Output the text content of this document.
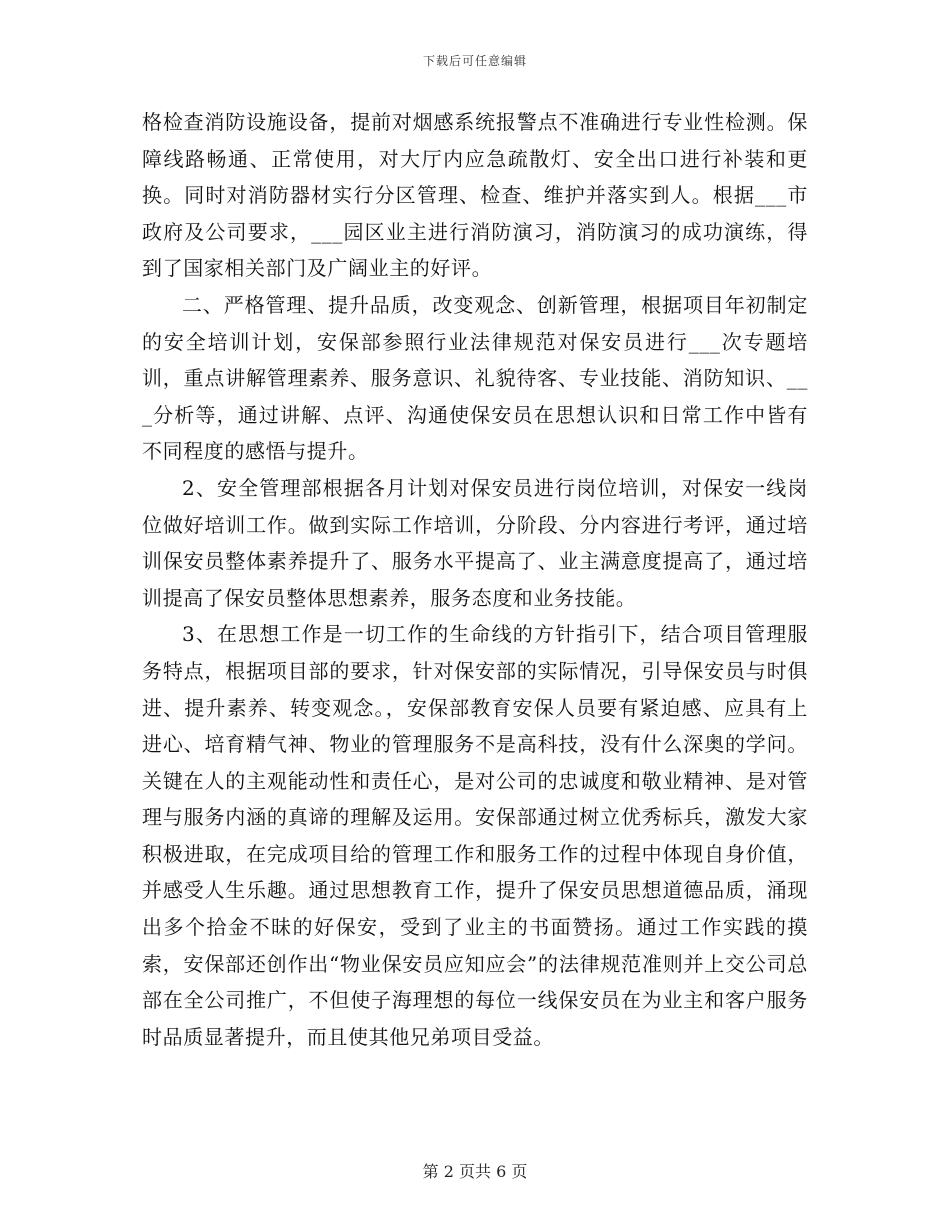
下载后可任意编辑

格检查消防设施设备，提前对烟感系统报警点不准确进行专业性检测。保障线路畅通、正常使用，对大厅内应急疏散灯、安全出口进行补装和更换。同时对消防器材实行分区管理、检查、维护并落实到人。根据___市政府及公司要求，___园区业主进行消防演习，消防演习的成功演练，得到了国家相关部门及广阔业主的好评。

二、严格管理、提升品质，改变观念、创新管理，根据项目年初制定的安全培训计划，安保部参照行业法律规范对保安员进行___次专题培训，重点讲解管理素养、服务意识、礼貌待客、专业技能、消防知识、___分析等，通过讲解、点评、沟通使保安员在思想认识和日常工作中皆有不同程度的感悟与提升。

2、安全管理部根据各月计划对保安员进行岗位培训，对保安一线岗位做好培训工作。做到实际工作培训，分阶段、分内容进行考评，通过培训保安员整体素养提升了、服务水平提高了、业主满意度提高了，通过培训提高了保安员整体思想素养，服务态度和业务技能。

3、在思想工作是一切工作的生命线的方针指引下，结合项目管理服务特点，根据项目部的要求，针对保安部的实际情况，引导保安员与时俱进、提升素养、转变观念。，安保部教育安保人员要有紧迫感、应具有上进心、培育精气神、物业的管理服务不是高科技，没有什么深奥的学问。关键在人的主观能动性和责任心，是对公司的忠诚度和敬业精神、是对管理与服务内涵的真谛的理解及运用。安保部通过树立优秀标兵，激发大家积极进取，在完成项目给的管理工作和服务工作的过程中体现自身价值，并感受人生乐趣。通过思想教育工作，提升了保安员思想道德品质，涌现出多个拾金不昧的好保安，受到了业主的书面赞扬。通过工作实践的摸索，安保部还创作出“物业保安员应知应会”的法律规范准则并上交公司总部在全公司推广，不但使子海理想的每位一线保安员在为业主和客户服务时品质显著提升，而且使其他兄弟项目受益。

第 2 页共 6 页
